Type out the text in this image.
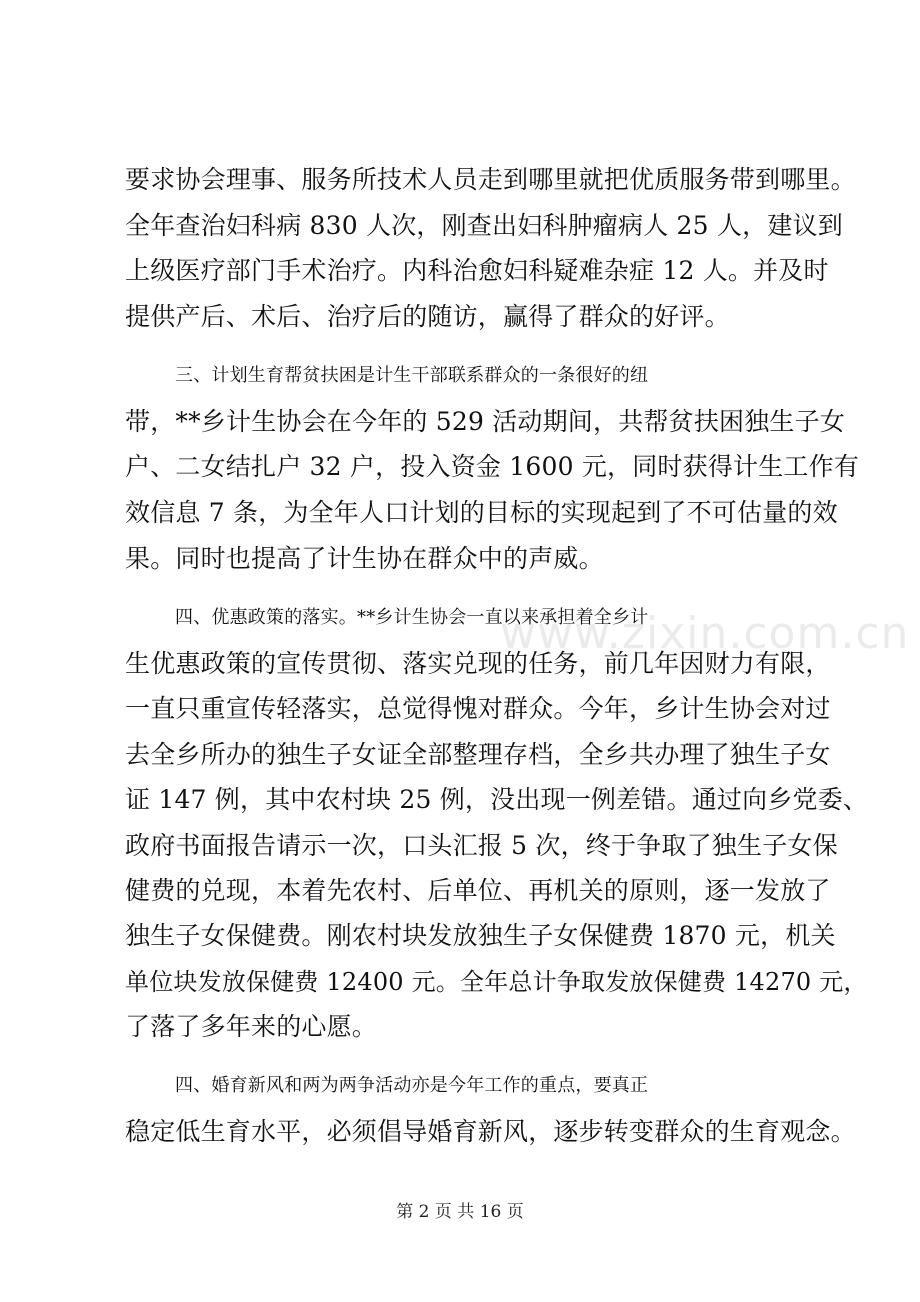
www.zixin.com.cn
要求协会理事、服务所技术人员走到哪里就把优质服务带到哪里。
全年查治妇科病 830 人次，刚查出妇科肿瘤病人 25 人，建议到
上级医疗部门手术治疗。内科治愈妇科疑难杂症 12 人。并及时
提供产后、术后、治疗后的随访，赢得了群众的好评。
三、计划生育帮贫扶困是计生干部联系群众的一条很好的纽
带，**乡计生协会在今年的 529 活动期间，共帮贫扶困独生子女
户、二女结扎户 32 户，投入资金 1600 元，同时获得计生工作有
效信息 7 条，为全年人口计划的目标的实现起到了不可估量的效
果。同时也提高了计生协在群众中的声威。
四、优惠政策的落实。**乡计生协会一直以来承担着全乡计
生优惠政策的宣传贯彻、落实兑现的任务，前几年因财力有限，
一直只重宣传轻落实，总觉得愧对群众。今年，乡计生协会对过
去全乡所办的独生子女证全部整理存档，全乡共办理了独生子女
证 147 例，其中农村块 25 例，没出现一例差错。通过向乡党委、
政府书面报告请示一次，口头汇报 5 次，终于争取了独生子女保
健费的兑现，本着先农村、后单位、再机关的原则，逐一发放了
独生子女保健费。刚农村块发放独生子女保健费 1870 元，机关
单位块发放保健费 12400 元。全年总计争取发放保健费 14270 元，
了落了多年来的心愿。
四、婚育新风和两为两争活动亦是今年工作的重点，要真正
稳定低生育水平，必须倡导婚育新风，逐步转变群众的生育观念。
第 2 页 共 16 页
